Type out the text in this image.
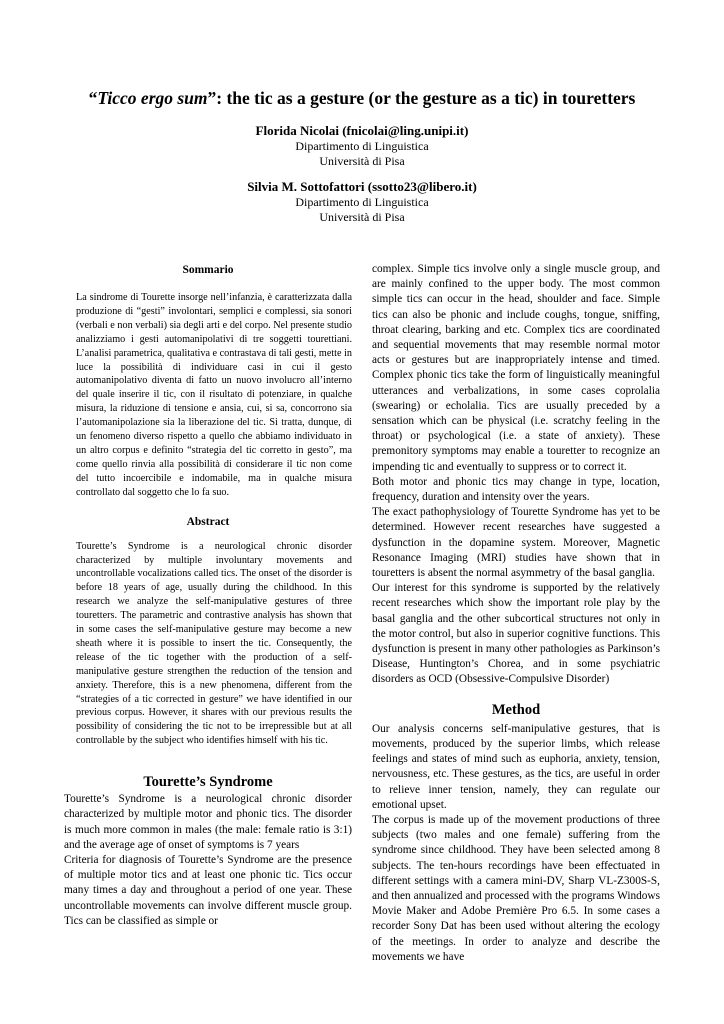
“Ticco ergo sum”: the tic as a gesture (or the gesture as a tic) in touretters
Florida Nicolai (fnicolai@ling.unipi.it)
Dipartimento di Linguistica
Università di Pisa
Silvia M. Sottofattori (ssotto23@libero.it)
Dipartimento di Linguistica
Università di Pisa
Sommario

La sindrome di Tourette insorge nell’infanzia, è caratterizzata dalla produzione di “gesti” involontari, semplici e complessi, sia sonori (verbali e non verbali) sia degli arti e del corpo. Nel presente studio analizziamo i gesti automanipolativi di tre soggetti tourettiani. L’analisi parametrica, qualitativa e contrastava di tali gesti, mette in luce la possibilità di individuare casi in cui il gesto automanipolativo diventa di fatto un nuovo involucro all’interno del quale inserire il tic, con il risultato di potenziare, in qualche misura, la riduzione di tensione e ansia, cui, si sa, concorrono sia l’automanipolazione sia la liberazione del tic. Si tratta, dunque, di un fenomeno diverso rispetto a quello che abbiamo individuato in un altro corpus e definito “strategia del tic corretto in gesto”, ma come quello rinvia alla possibilità di considerare il tic non come del tutto incoercibile e indomabile, ma in qualche misura controllato dal soggetto che lo fa suo.

Abstract

Tourette’s Syndrome is a neurological chronic disorder characterized by multiple involuntary movements and uncontrollable vocalizations called tics. The onset of the disorder is before 18 years of age, usually during the childhood. In this research we analyze the self-manipulative gestures of three touretters. The parametric and contrastive analysis has shown that in some cases the self-manipulative gesture may become a new sheath where it is possible to insert the tic. Consequently, the release of the tic together with the production of a self-manipulative gesture strengthen the reduction of the tension and anxiety. Therefore, this is a new phenomena, different from the “strategies of a tic corrected in gesture” we have identified in our previous corpus. However, it shares with our previous results the possibility of considering the tic not to be irrepressible but at all controllable by the subject who identifies himself with his tic.

Tourette’s Syndrome

Tourette’s Syndrome is a neurological chronic disorder characterized by multiple motor and phonic tics. The disorder is much more common in males (the male: female ratio is 3:1) and the average age of onset of symptoms is 7 years

Criteria for diagnosis of Tourette’s Syndrome are the presence of multiple motor tics and at least one phonic tic. Tics occur many times a day and throughout a period of one year. These uncontrollable movements can involve different muscle group. Tics can be classified as simple or

complex. Simple tics involve only a single muscle group, and are mainly confined to the upper body. The most common simple tics can occur in the head, shoulder and face. Simple tics can also be phonic and include coughs, tongue, sniffing, throat clearing, barking and etc. Complex tics are coordinated and sequential movements that may resemble normal motor acts or gestures but are inappropriately intense and timed. Complex phonic tics take the form of linguistically meaningful utterances and verbalizations, in some cases coprolalia (swearing) or echolalia. Tics are usually preceded by a sensation which can be physical (i.e. scratchy feeling in the throat) or psychological (i.e. a state of anxiety). These premonitory symptoms may enable a touretter to recognize an impending tic and eventually to suppress or to correct it.

Both motor and phonic tics may change in type, location, frequency, duration and intensity over the years.

The exact pathophysiology of Tourette Syndrome has yet to be determined. However recent researches have suggested a dysfunction in the dopamine system. Moreover, Magnetic Resonance Imaging (MRI) studies have shown that in touretters is absent the normal asymmetry of the basal ganglia.

Our interest for this syndrome is supported by the relatively recent researches which show the important role play by the basal ganglia and the other subcortical structures not only in the motor control, but also in superior cognitive functions. This dysfunction is present in many other pathologies as Parkinson’s Disease, Huntington’s Chorea, and in some psychiatric disorders as OCD (Obsessive-Compulsive Disorder)

Method

Our analysis concerns self-manipulative gestures, that is movements, produced by the superior limbs, which release feelings and states of mind such as euphoria, anxiety, tension, nervousness, etc. These gestures, as the tics, are useful in order to relieve inner tension, namely, they can regulate our emotional upset.

The corpus is made up of the movement productions of three subjects (two males and one female) suffering from the syndrome since childhood. They have been selected among 8 subjects. The ten-hours recordings have been effectuated in different settings with a camera mini-DV, Sharp VL-Z300S-S, and then annualized and processed with the programs Windows Movie Maker and Adobe Première Pro 6.5. In some cases a recorder Sony Dat has been used without altering the ecology of the meetings. In order to analyze and describe the movements we have
